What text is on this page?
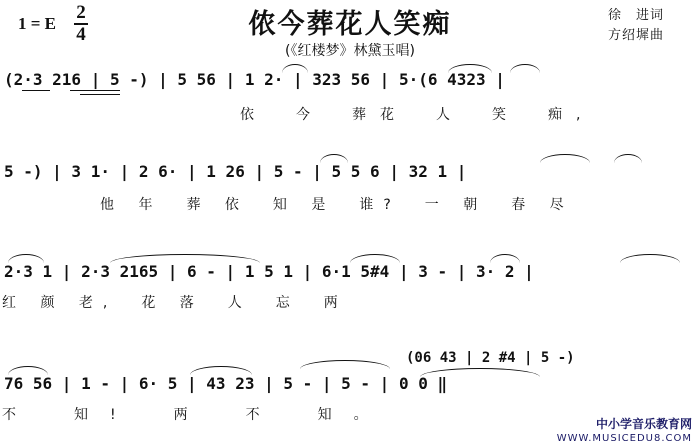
1 = E
2
4	侬今葬花人笑痴
(《红楼梦》林黛玉唱)
徐　进词
方绍墀曲
(2·3 216 | 5 -) | 5 56 | 1 2· | 323 56 | 5·(6 4323 |
依　今　葬花　人　笑　痴,
5 -) | 3 1· | 2 6· | 1 26 | 5 - | 5 5 6 | 32 1 |
他 年　葬 依　知 是　谁?　一 朝　春 尽
2·3 1 | 2·3 2165 | 6 - | 1 5 1 | 6·1 5#4 | 3 - | 3· 2 |
红 颜 老,　花 落　人　忘　两
(06 43 | 2 #4 | 5 -)
76 56 | 1 - | 6· 5 | 43 23 | 5 - | 5 - | 0 0 ‖
不　知!　两　不　知。
中小学音乐教育网
WWW.MUSICEDU8.COM
